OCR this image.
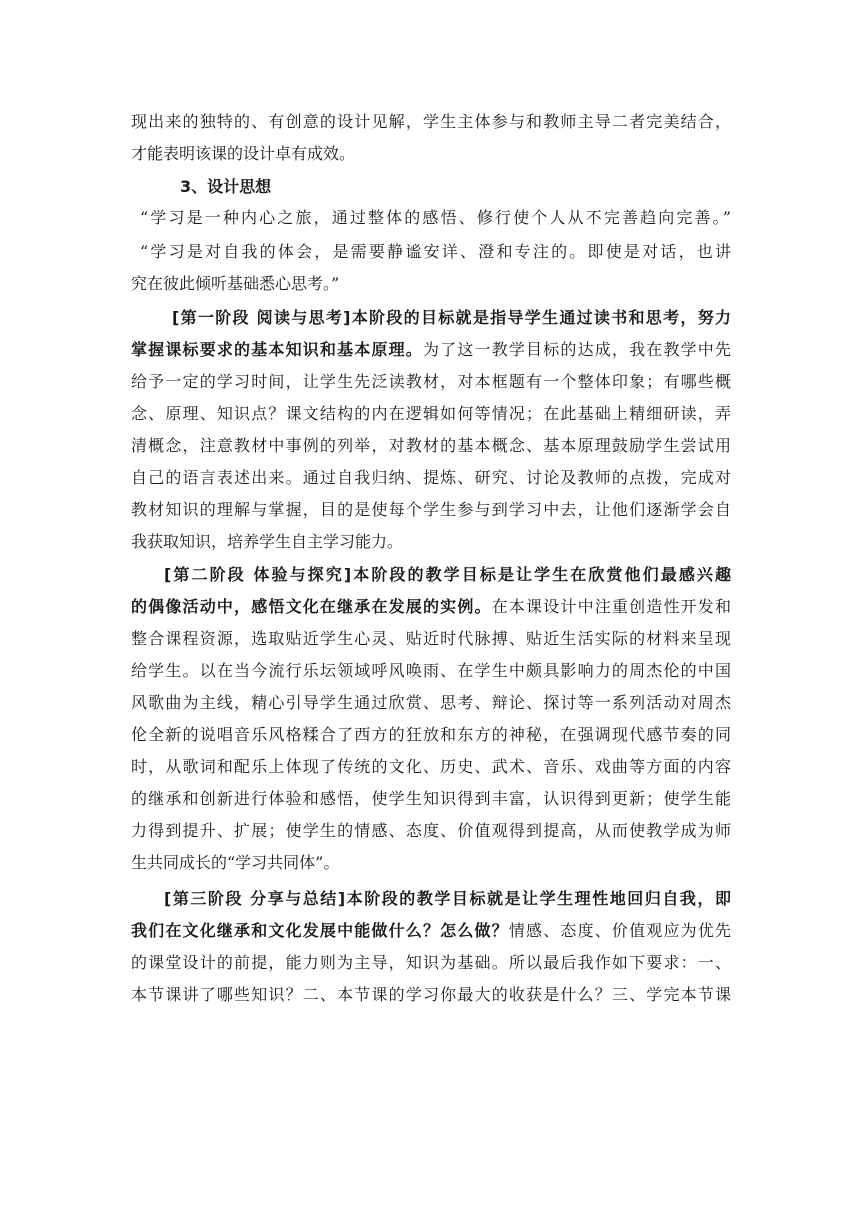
现出来的独特的、有创意的设计见解，学生主体参与和教师主导二者完美结合，
才能表明该课的设计卓有成效。
3、设计思想
“学习是一种内心之旅，通过整体的感悟、修行使个人从不完善趋向完善。”
“学习是对自我的体会，是需要静谧安详、澄和专注的。即使是对话，也讲
究在彼此倾听基础悉心思考。”
[第一阶段 阅读与思考]本阶段的目标就是指导学生通过读书和思考，努力
掌握课标要求的基本知识和基本原理。为了这一教学目标的达成，我在教学中先
给予一定的学习时间，让学生先泛读教材，对本框题有一个整体印象；有哪些概
念、原理、知识点？课文结构的内在逻辑如何等情况；在此基础上精细研读，弄
清概念，注意教材中事例的列举，对教材的基本概念、基本原理鼓励学生尝试用
自己的语言表述出来。通过自我归纳、提炼、研究、讨论及教师的点拨，完成对
教材知识的理解与掌握，目的是使每个学生参与到学习中去，让他们逐渐学会自
我获取知识，培养学生自主学习能力。
[第二阶段 体验与探究]本阶段的教学目标是让学生在欣赏他们最感兴趣
的偶像活动中，感悟文化在继承在发展的实例。在本课设计中注重创造性开发和
整合课程资源，选取贴近学生心灵、贴近时代脉搏、贴近生活实际的材料来呈现
给学生。以在当今流行乐坛领域呼风唤雨、在学生中颇具影响力的周杰伦的中国
风歌曲为主线，精心引导学生通过欣赏、思考、辩论、探讨等一系列活动对周杰
伦全新的说唱音乐风格糅合了西方的狂放和东方的神秘，在强调现代感节奏的同
时，从歌词和配乐上体现了传统的文化、历史、武术、音乐、戏曲等方面的内容
的继承和创新进行体验和感悟，使学生知识得到丰富，认识得到更新；使学生能
力得到提升、扩展；使学生的情感、态度、价值观得到提高，从而使教学成为师
生共同成长的“学习共同体”。
[第三阶段 分享与总结]本阶段的教学目标就是让学生理性地回归自我，即
我们在文化继承和文化发展中能做什么？怎么做？情感、态度、价值观应为优先
的课堂设计的前提，能力则为主导，知识为基础。所以最后我作如下要求：一、
本节课讲了哪些知识？二、本节课的学习你最大的收获是什么？三、学完本节课
